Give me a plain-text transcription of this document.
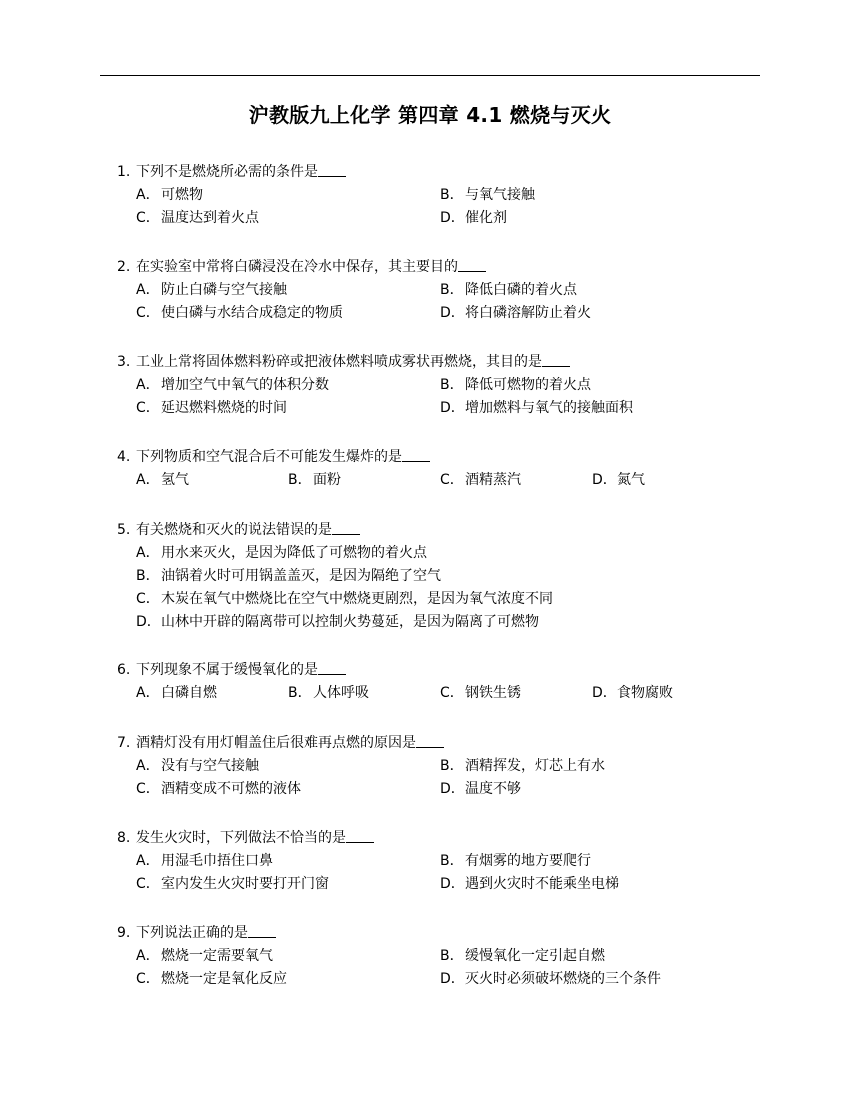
沪教版九上化学 第四章 4.1 燃烧与灭火
1. 下列不是燃烧所必需的条件是
A．可燃物	B．与氧气接触
C．温度达到着火点	D．催化剂
2. 在实验室中常将白磷浸没在冷水中保存，其主要目的
A．防止白磷与空气接触	B．降低白磷的着火点
C．使白磷与水结合成稳定的物质	D．将白磷溶解防止着火
3. 工业上常将固体燃料粉碎或把液体燃料喷成雾状再燃烧，其目的是
A．增加空气中氧气的体积分数	B．降低可燃物的着火点
C．延迟燃料燃烧的时间	D．增加燃料与氧气的接触面积
4. 下列物质和空气混合后不可能发生爆炸的是
A．氢气	B．面粉	C．酒精蒸汽	D．氮气
5. 有关燃烧和灭火的说法错误的是
A．用水来灭火，是因为降低了可燃物的着火点
B．油锅着火时可用锅盖盖灭，是因为隔绝了空气
C．木炭在氧气中燃烧比在空气中燃烧更剧烈，是因为氧气浓度不同
D．山林中开辟的隔离带可以控制火势蔓延，是因为隔离了可燃物
6. 下列现象不属于缓慢氧化的是
A．白磷自燃	B．人体呼吸	C．钢铁生锈	D．食物腐败
7. 酒精灯没有用灯帽盖住后很难再点燃的原因是
A．没有与空气接触	B．酒精挥发，灯芯上有水
C．酒精变成不可燃的液体	D．温度不够
8. 发生火灾时，下列做法不恰当的是
A．用湿毛巾捂住口鼻	B．有烟雾的地方要爬行
C．室内发生火灾时要打开门窗	D．遇到火灾时不能乘坐电梯
9. 下列说法正确的是
A．燃烧一定需要氧气	B．缓慢氧化一定引起自燃
C．燃烧一定是氧化反应	D．灭火时必须破坏燃烧的三个条件
